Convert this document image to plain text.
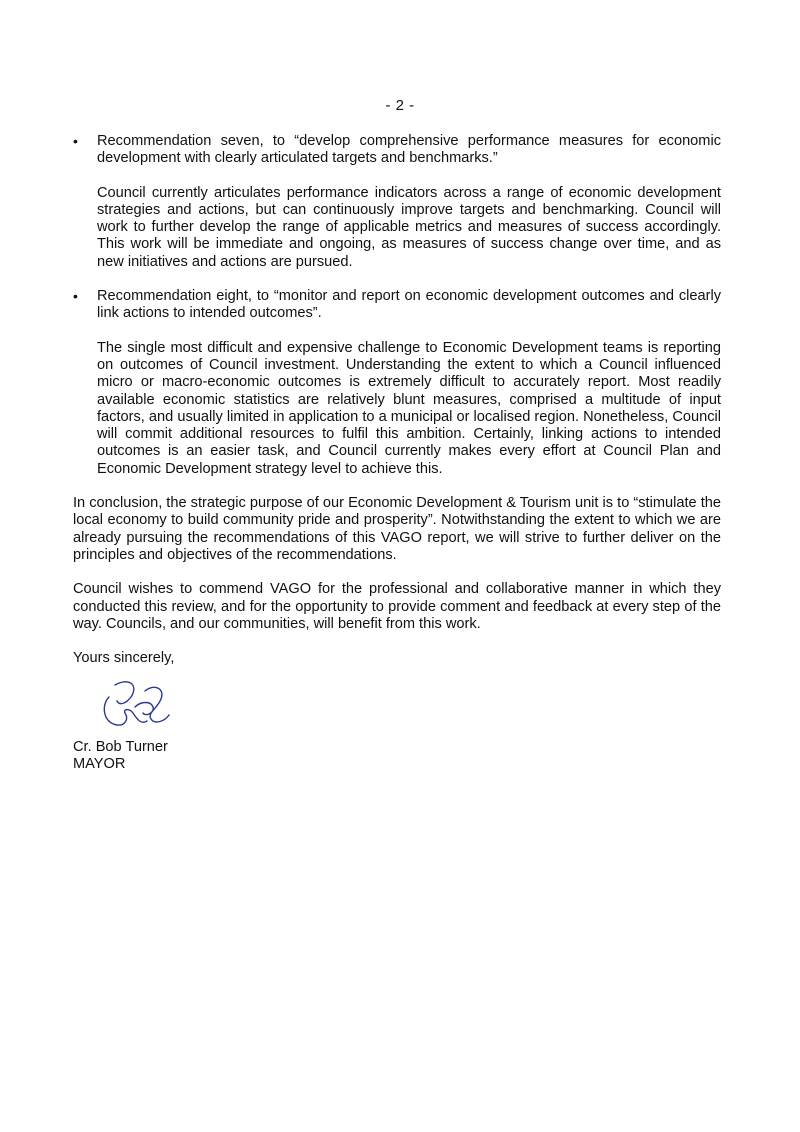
- 2 -
•	Recommendation seven, to “develop comprehensive performance measures for economic development with clearly articulated targets and benchmarks.”

Council currently articulates performance indicators across a range of economic development strategies and actions, but can continuously improve targets and benchmarking. Council will work to further develop the range of applicable metrics and measures of success accordingly. This work will be immediate and ongoing, as measures of success change over time, and as new initiatives and actions are pursued.

•	Recommendation eight, to “monitor and report on economic development outcomes and clearly link actions to intended outcomes”.

The single most difficult and expensive challenge to Economic Development teams is reporting on outcomes of Council investment. Understanding the extent to which a Council influenced micro or macro-economic outcomes is extremely difficult to accurately report. Most readily available economic statistics are relatively blunt measures, comprised a multitude of input factors, and usually limited in application to a municipal or localised region. Nonetheless, Council will commit additional resources to fulfil this ambition. Certainly, linking actions to intended outcomes is an easier task, and Council currently makes every effort at Council Plan and Economic Development strategy level to achieve this.

In conclusion, the strategic purpose of our Economic Development & Tourism unit is to “stimulate the local economy to build community pride and prosperity”. Notwithstanding the extent to which we are already pursuing the recommendations of this VAGO report, we will strive to further deliver on the principles and objectives of the recommendations.

Council wishes to commend VAGO for the professional and collaborative manner in which they conducted this review, and for the opportunity to provide comment and feedback at every step of the way. Councils, and our communities, will benefit from this work.

Yours sincerely,

Cr. Bob Turner

MAYOR
